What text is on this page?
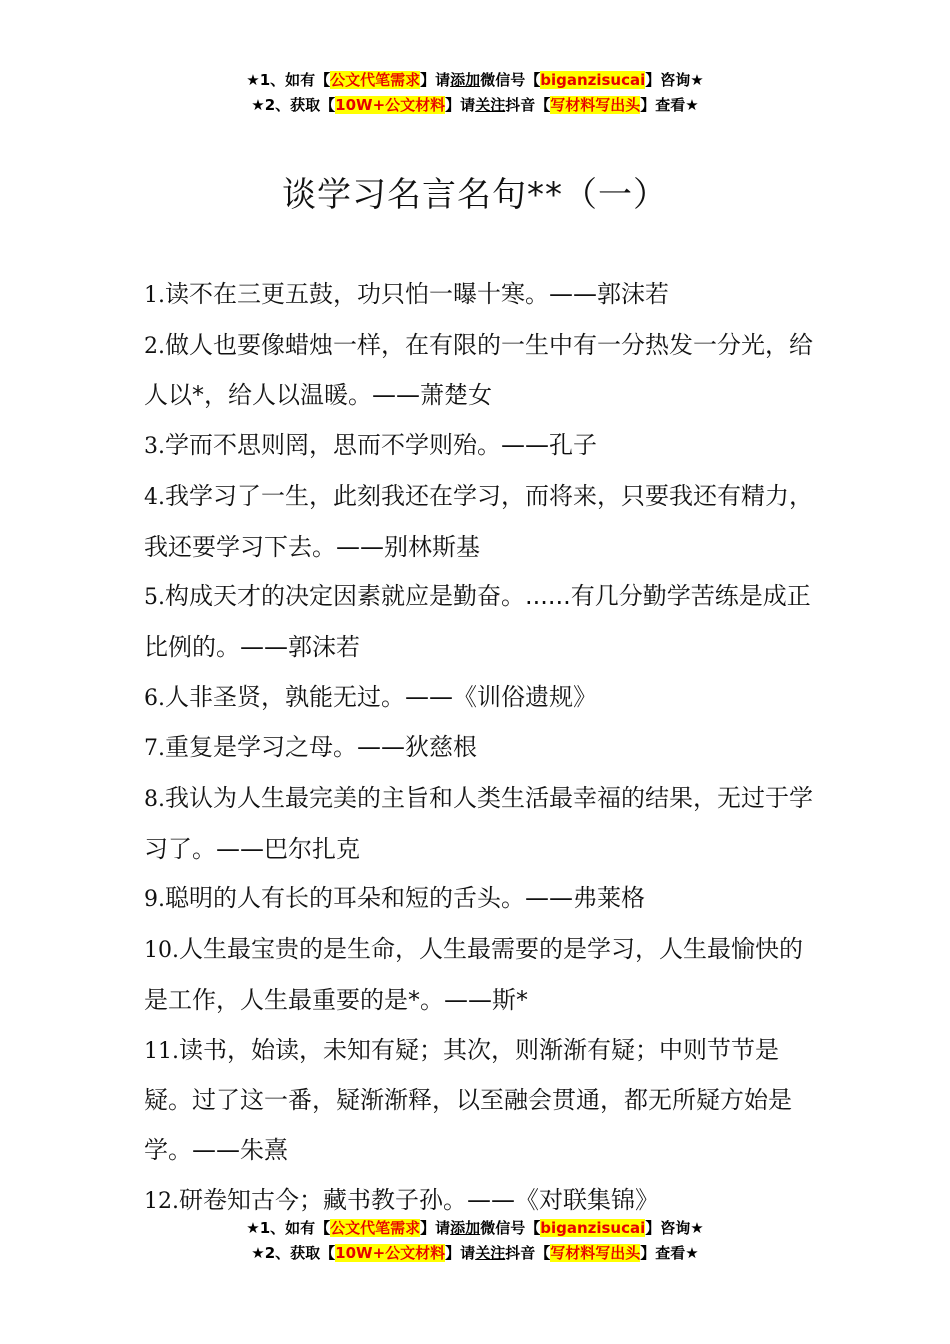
★1、如有【公文代笔需求】请添加微信号【biganzisucai】咨询★
★2、获取【10W+公文材料】请关注抖音【写材料写出头】查看★
谈学习名言名句**（一）

1.读不在三更五鼓，功只怕一曝十寒。——郭沫若

2.做人也要像蜡烛一样，在有限的一生中有一分热发一分光，给人以*，给人以温暖。——萧楚女

3.学而不思则罔，思而不学则殆。——孔子

4.我学习了一生，此刻我还在学习，而将来，只要我还有精力，我还要学习下去。——别林斯基

5.构成天才的决定因素就应是勤奋。......有几分勤学苦练是成正比例的。——郭沫若

6.人非圣贤，孰能无过。——《训俗遗规》

7.重复是学习之母。——狄慈根

8.我认为人生最完美的主旨和人类生活最幸福的结果，无过于学习了。——巴尔扎克

9.聪明的人有长的耳朵和短的舌头。——弗莱格

10.人生最宝贵的是生命，人生最需要的是学习，人生最愉快的是工作，人生最重要的是*。——斯*

11.读书，始读，未知有疑；其次，则渐渐有疑；中则节节是疑。过了这一番，疑渐渐释，以至融会贯通，都无所疑方始是学。——朱熹

12.研卷知古今；藏书教子孙。——《对联集锦》

★1、如有【公文代笔需求】请添加微信号【biganzisucai】咨询★
★2、获取【10W+公文材料】请关注抖音【写材料写出头】查看★
